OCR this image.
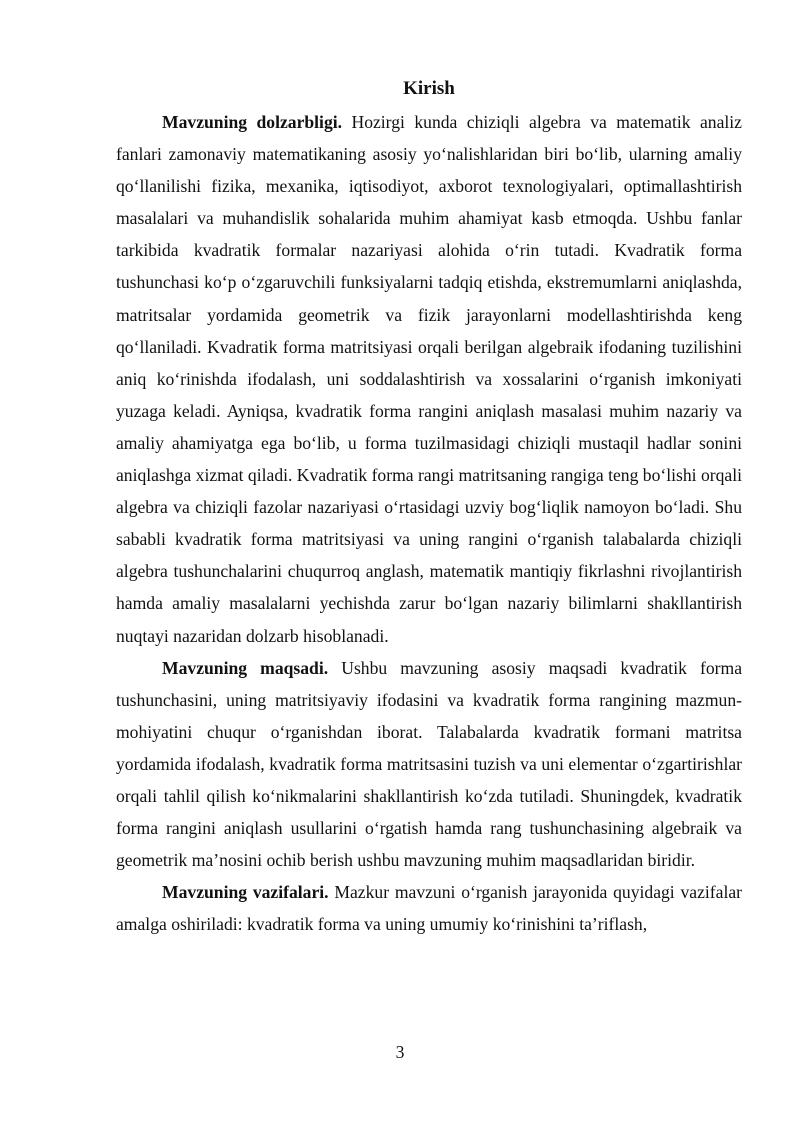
Kirish

Mavzuning dolzarbligi. Hozirgi kunda chiziqli algebra va matematik analiz fanlari zamonaviy matematikaning asosiy yo‘nalishlaridan biri bo‘lib, ularning amaliy qo‘llanilishi fizika, mexanika, iqtisodiyot, axborot texnologiyalari, optimallashtirish masalalari va muhandislik sohalarida muhim ahamiyat kasb etmoqda. Ushbu fanlar tarkibida kvadratik formalar nazariyasi alohida o‘rin tutadi. Kvadratik forma tushunchasi ko‘p o‘zgaruvchili funksiyalarni tadqiq etishda, ekstremumlarni aniqlashda, matritsalar yordamida geometrik va fizik jarayonlarni modellashtirishda keng qo‘llaniladi. Kvadratik forma matritsiyasi orqali berilgan algebraik ifodaning tuzilishini aniq ko‘rinishda ifodalash, uni soddalashtirish va xossalarini o‘rganish imkoniyati yuzaga keladi. Ayniqsa, kvadratik forma rangini aniqlash masalasi muhim nazariy va amaliy ahamiyatga ega bo‘lib, u forma tuzilmasidagi chiziqli mustaqil hadlar sonini aniqlashga xizmat qiladi. Kvadratik forma rangi matritsaning rangiga teng bo‘lishi orqali algebra va chiziqli fazolar nazariyasi o‘rtasidagi uzviy bog‘liqlik namoyon bo‘ladi. Shu sababli kvadratik forma matritsiyasi va uning rangini o‘rganish talabalarda chiziqli algebra tushunchalarini chuqurroq anglash, matematik mantiqiy fikrlashni rivojlantirish hamda amaliy masalalarni yechishda zarur bo‘lgan nazariy bilimlarni shakllantirish nuqtayi nazaridan dolzarb hisoblanadi.

Mavzuning maqsadi. Ushbu mavzuning asosiy maqsadi kvadratik forma tushunchasini, uning matritsiyaviy ifodasini va kvadratik forma rangining mazmun-mohiyatini chuqur o‘rganishdan iborat. Talabalarda kvadratik formani matritsa yordamida ifodalash, kvadratik forma matritsasini tuzish va uni elementar o‘zgartirishlar orqali tahlil qilish ko‘nikmalarini shakllantirish ko‘zda tutiladi. Shuningdek, kvadratik forma rangini aniqlash usullarini o‘rgatish hamda rang tushunchasining algebraik va geometrik ma’nosini ochib berish ushbu mavzuning muhim maqsadlaridan biridir.

Mavzuning vazifalari. Mazkur mavzuni o‘rganish jarayonida quyidagi vazifalar amalga oshiriladi: kvadratik forma va uning umumiy ko‘rinishini ta’riflash,

3
